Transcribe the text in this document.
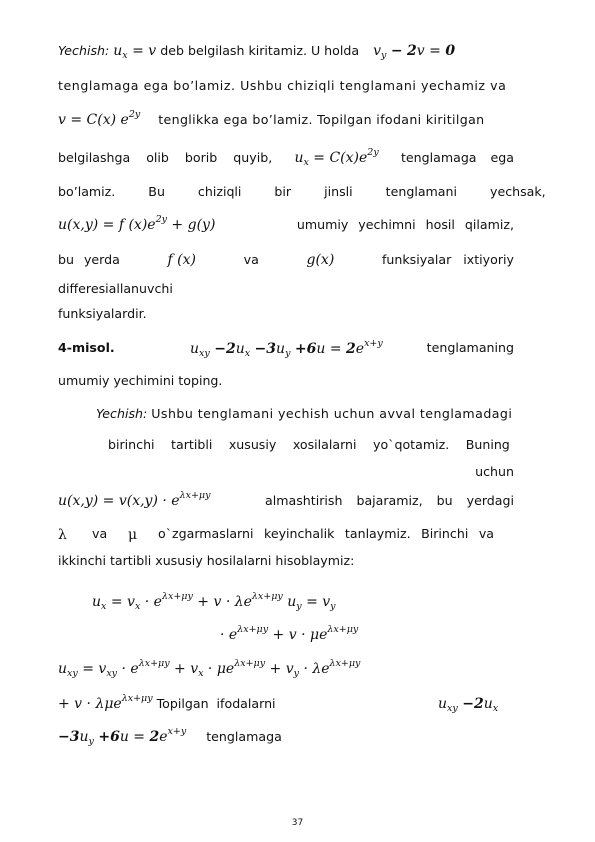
Yechish: $u_x = v$ deb belgilash kiritamiz. U holda $v_y - 2v = 0$
tenglamaga ega bo’lamiz. Ushbu chiziqli tenglamani yechamiz va
v = C(x) $e^{2y}$ tenglikka ega bo’lamiz. Topilgan ifodani kiritilgan
belgilashga olib borib quyib, $u_x = C(x)e^{2y}$ tenglamaga ega
bo’lamiz. Bu chiziqli bir jinsli tenglamani yechsak,
u(x,y) = f $(x)e^{2y} + g(y)$	umumiy yechimni hosil qilamiz,
bu yerda	f (x)	va	g(x)	funksiyalar ixtiyoriy
differesiallanuvchi
funksiyalardir.
4-misol.	$u_{xy} -2u_x -3u_y +6u = 2e^{x+y}$	tenglamaning
umumiy yechimini toping.
Yechish: Ushbu tenglamani yechish uchun avval tenglamadagi
birinchi tartibli xususiy xosilalarni yo`qotamiz. Buning
uchun
$u(x,y) = v(x,y) \cdot e^{\lambda x+\mu y}$	almashtirish bajaramiz, bu yerdagi
λ va μ o`zgarmaslarni keyinchalik tanlaymiz. Birinchi va
ikkinchi tartibli xususiy hosilalarni hisoblaymiz:
$u_x = v_x \cdot e^{\lambda x+\mu y} + v \cdot \lambda e^{\lambda x+\mu y}$ $u_y = v_y$
· $e^{\lambda x+\mu y} + v \cdot \mu e^{\lambda x+\mu y}$
$u_{xy} = v_{xy} \cdot e^{\lambda x+\mu y} + v_x \cdot \mu e^{\lambda x+\mu y} + v_y \cdot \lambda e^{\lambda x+\mu y}$
+ v · λμe$^{\lambda x+\mu y}$ Topilgan ifodalarni	$u_{xy} -2u_x$
$-3u_y +6u = 2e^{x+y}$ tenglamaga
37
